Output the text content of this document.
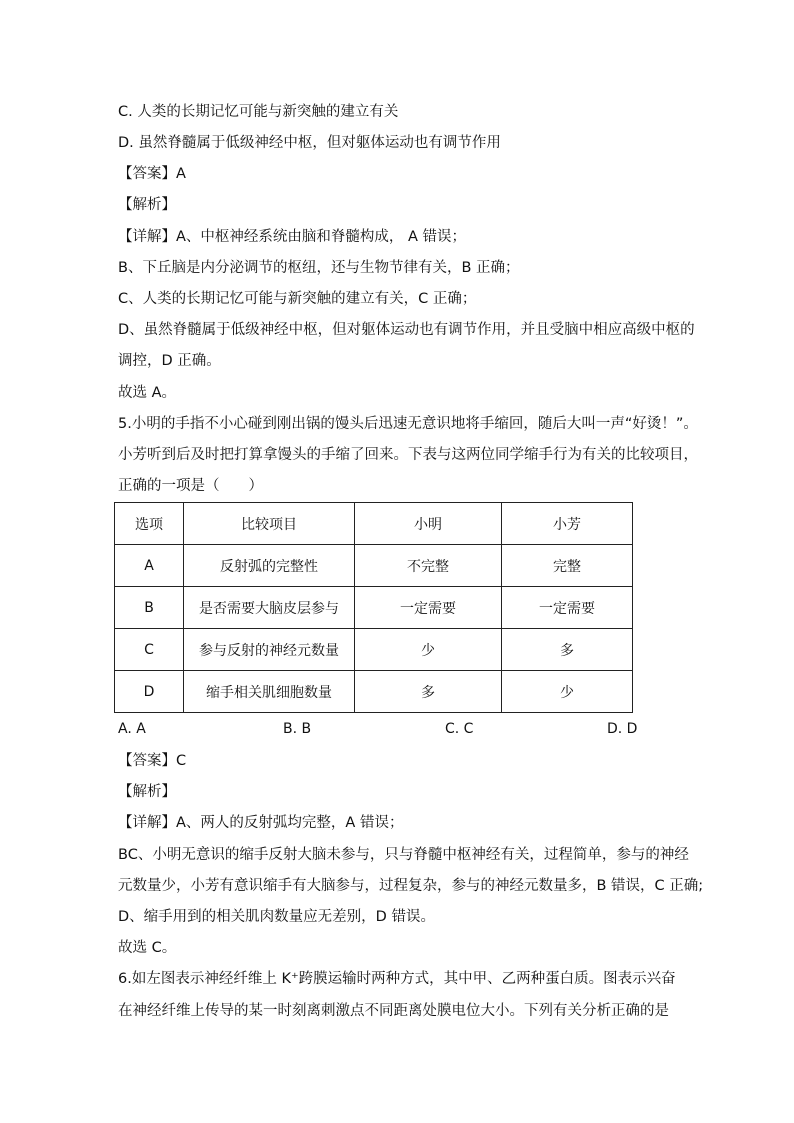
C. 人类的长期记忆可能与新突触的建立有关
D. 虽然脊髓属于低级神经中枢，但对躯体运动也有调节作用
【答案】A
【解析】
【详解】A、中枢神经系统由脑和脊髓构成， A 错误；
B、下丘脑是内分泌调节的枢纽，还与生物节律有关，B 正确；
C、人类的长期记忆可能与新突触的建立有关，C 正确；
D、虽然脊髓属于低级神经中枢，但对躯体运动也有调节作用，并且受脑中相应高级中枢的
调控，D 正确。
故选 A。
5.小明的手指不小心碰到刚出锅的馒头后迅速无意识地将手缩回，随后大叫一声“好烫！”。
小芳听到后及时把打算拿馒头的手缩了回来。下表与这两位同学缩手行为有关的比较项目，
正确的一项是（　　）
选项	比较项目	小明	小芳
A	反射弧的完整性	不完整	完整
B	是否需要大脑皮层参与	一定需要	一定需要
C	参与反射的神经元数量	少	多
D	缩手相关肌细胞数量	多	少
A. A	B. B	C. C	D. D
【答案】C
【解析】
【详解】A、两人的反射弧均完整，A 错误；
BC、小明无意识的缩手反射大脑未参与，只与脊髓中枢神经有关，过程简单，参与的神经
元数量少，小芳有意识缩手有大脑参与，过程复杂，参与的神经元数量多，B 错误，C 正确;
D、缩手用到的相关肌肉数量应无差别，D 错误。
故选 C。
6.如左图表示神经纤维上 K⁺跨膜运输时两种方式，其中甲、乙两种蛋白质。图表示兴奋
在神经纤维上传导的某一时刻离刺激点不同距离处膜电位大小。下列有关分析正确的是
